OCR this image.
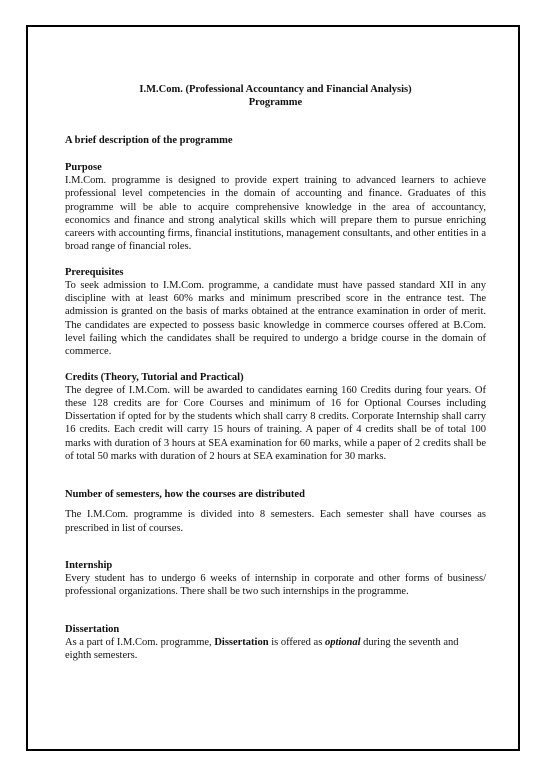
I.M.Com. (Professional Accountancy and Financial Analysis)
Programme

A brief description of the programme
Purpose

I.M.Com. programme is designed to provide expert training to advanced learners to achieve professional level competencies in the domain of accounting and finance. Graduates of this programme will be able to acquire comprehensive knowledge in the area of accountancy, economics and finance and strong analytical skills which will prepare them to pursue enriching careers with accounting firms, financial institutions, management consultants, and other entities in a broad range of financial roles.

Prerequisites

To seek admission to I.M.Com. programme, a candidate must have passed standard XII in any discipline with at least 60% marks and minimum prescribed score in the entrance test. The admission is granted on the basis of marks obtained at the entrance examination in order of merit. The candidates are expected to possess basic knowledge in commerce courses offered at B.Com. level failing which the candidates shall be required to undergo a bridge course in the domain of commerce.

Credits (Theory, Tutorial and Practical)

The degree of I.M.Com. will be awarded to candidates earning 160 Credits during four years. Of these 128 credits are for Core Courses and minimum of 16 for Optional Courses including Dissertation if opted for by the students which shall carry 8 credits. Corporate Internship shall carry 16 credits. Each credit will carry 15 hours of training. A paper of 4 credits shall be of total 100 marks with duration of 3 hours at SEA examination for 60 marks, while a paper of 2 credits shall be of total 50 marks with duration of 2 hours at SEA examination for 30 marks.

Number of semesters, how the courses are distributed

The I.M.Com. programme is divided into 8 semesters. Each semester shall have courses as prescribed in list of courses.

Internship

Every student has to undergo 6 weeks of internship in corporate and other forms of business/ professional organizations. There shall be two such internships in the programme.

Dissertation

As a part of I.M.Com. programme, Dissertation is offered as optional during the seventh and eighth semesters.
